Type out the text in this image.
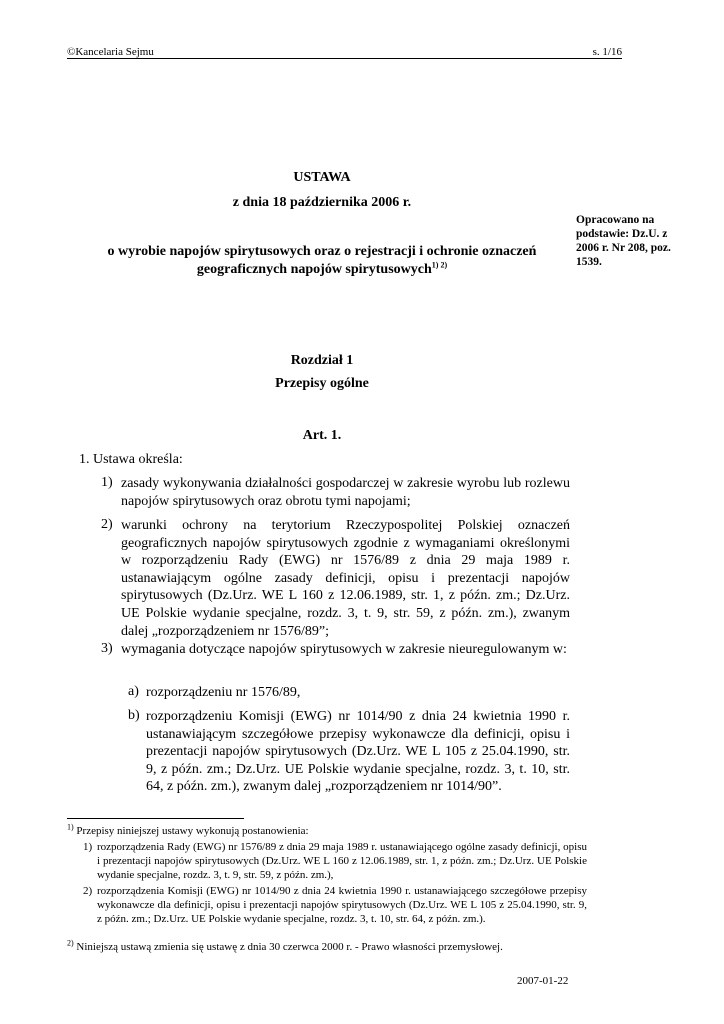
©Kancelaria Sejmu	s. 1/16
USTAWA
z dnia 18 października 2006 r.
o wyrobie napojów spirytusowych oraz o rejestracji i ochronie oznaczeń
geograficznych napojów spirytusowych$^{1) 2)}$
Opracowano na podstawie: Dz.U. z 2006 r. Nr 208, poz. 1539.
Rozdział 1
Przepisy ogólne
Art. 1.
1. Ustawa określa:
1) zasady wykonywania działalności gospodarczej w zakresie wyrobu lub rozlewu napojów spirytusowych oraz obrotu tymi napojami;
2) warunki ochrony na terytorium Rzeczypospolitej Polskiej oznaczeń geograficznych napojów spirytusowych zgodnie z wymaganiami określonymi w rozporządzeniu Rady (EWG) nr 1576/89 z dnia 29 maja 1989 r. ustanawiającym ogólne zasady definicji, opisu i prezentacji napojów spirytusowych (Dz.Urz. WE L 160 z 12.06.1989, str. 1, z późn. zm.; Dz.Urz. UE Polskie wydanie specjalne, rozdz. 3, t. 9, str. 59, z późn. zm.), zwanym dalej „rozporządzeniem nr 1576/89”;
3) wymagania dotyczące napojów spirytusowych w zakresie nieuregulowanym w:
a) rozporządzeniu nr 1576/89,
b) rozporządzeniu Komisji (EWG) nr 1014/90 z dnia 24 kwietnia 1990 r. ustanawiającym szczegółowe przepisy wykonawcze dla definicji, opisu i prezentacji napojów spirytusowych (Dz.Urz. WE L 105 z 25.04.1990, str. 9, z późn. zm.; Dz.Urz. UE Polskie wydanie specjalne, rozdz. 3, t. 10, str. 64, z późn. zm.), zwanym dalej „rozporządzeniem nr 1014/90”.
$^{1)}$ Przepisy niniejszej ustawy wykonują postanowienia:
1) rozporządzenia Rady (EWG) nr 1576/89 z dnia 29 maja 1989 r. ustanawiającego ogólne zasady definicji, opisu i prezentacji napojów spirytusowych (Dz.Urz. WE L 160 z 12.06.1989, str. 1, z późn. zm.; Dz.Urz. UE Polskie wydanie specjalne, rozdz. 3, t. 9, str. 59, z późn. zm.),
2) rozporządzenia Komisji (EWG) nr 1014/90 z dnia 24 kwietnia 1990 r. ustanawiającego szczegółowe przepisy wykonawcze dla definicji, opisu i prezentacji napojów spirytusowych (Dz.Urz. WE L 105 z 25.04.1990, str. 9, z późn. zm.; Dz.Urz. UE Polskie wydanie specjalne, rozdz. 3, t. 10, str. 64, z późn. zm.).
$^{2)}$ Niniejszą ustawą zmienia się ustawę z dnia 30 czerwca 2000 r. - Prawo własności przemysłowej.
2007-01-22
